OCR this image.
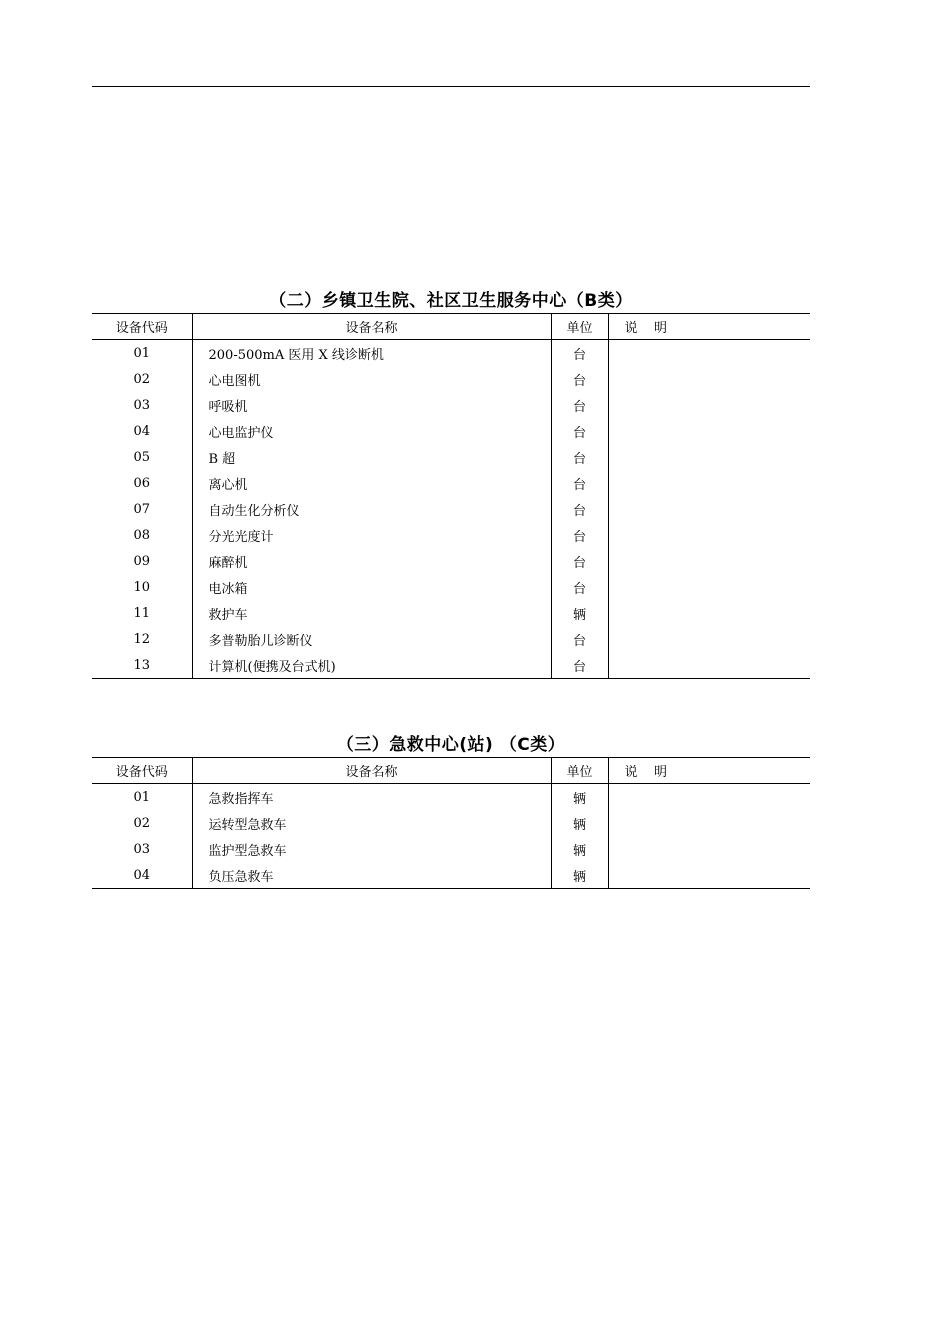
（二）乡镇卫生院、社区卫生服务中心（B类）
设备代码	设备名称	单位	说    明
01	200-500mA 医用 X 线诊断机	台	
02	心电图机	台	
03	呼吸机	台	
04	心电监护仪	台	
05	B 超	台	
06	离心机	台	
07	自动生化分析仪	台	
08	分光光度计	台	
09	麻醉机	台	
10	电冰箱	台	
11	救护车	辆	
12	多普勒胎儿诊断仪	台	
13	计算机(便携及台式机)	台	
（三）急救中心(站) （C类）
设备代码	设备名称	单位	说    明
01	急救指挥车	辆	
02	运转型急救车	辆	
03	监护型急救车	辆	
04	负压急救车	辆	
